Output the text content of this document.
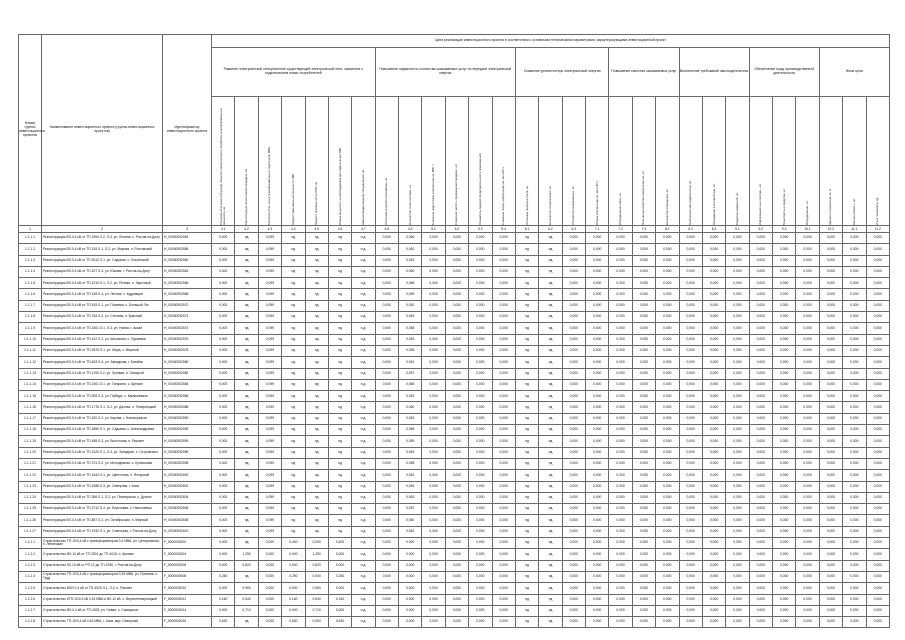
Номер группы инвестиционных проектов	Наименование инвестиционного проекта (группы инвестиционных проектов)	Идентификатор инвестиционного проекта	Цели реализации инвестиционного проекта в соответствии с основными техническими параметрами, характеризующими инвестиционный проект																												
			Развитие электрической сети/усиление существующей электрической сети, связанное с подключением новых потребителей							Повышение надежности и качества оказываемых услуг по передаче электрической энергии						Снижение уровня потерь электрической энергии				Повышение качества оказываемых услуг			Выполнение требований законодательства			Обеспечение нужд производственной деятельности			Иные цели		

			Строительство (реконструкция) объектов электросетевого хозяйства, трансформаторной мощности, км	Реконструкция линий электропередачи, км	Строительство новых трансформаторных подстанций, МВА	Прирост максимальной мощности, МВт	Прирост протяженности ЛЭП, км	Объем мощности, высвобождаемой для подключения, МВт	Замена (модернизация) оборудования, шт.	Установка устройств автоматики, шт.	Количество точек поставки, шт.	Снижение недоотпуска электроэнергии, МВт·ч	Снижение частоты прекращения передачи, шт.	Показатель средней продолжительности прекращений	Снижение потерь электроэнергии, млн кВт·ч	Установка приборов учета, шт.	Количество потребителей, шт.	Устройства телемеханики, шт.	Объем электроэнергии, млн кВт·ч	Оборудование связи, шт.	Повышение качества электроэнергии, шт.	Количество обращений, шт.	Требования законодательства, шт.	Приведение в соответствие, шт.	Средства измерений, шт.	Информационные системы, шт.	Транспортные средства, шт.	Оборудование, шт.	Здания и сооружения, кв. м	Прочие объекты, шт.	Иные показатели, ед.

1	2	3	4.1	4.2	4.3	4.4	4.5	4.6	4.7	4.8	4.9	5.1	5.2	5.3	5.4	6.1	6.2	6.3	7.1	7.2	7.3	8.1	8.2	8.3	9.1	9.2	9.3	10.1	10.2	11.1	11.2
1.1.1.1	Реконструкция ВЛ-0,4 кВ от ТП-2994 Л-2, Л-4, ул. Ленина, с. Ростов-на-Дону	H_00000052554	0,000	нд	0,099	нд	нд	нд	н.д.	0,000	0,066	0,000	0,000	0,000	0,000	нд	нд	0,000	0,000	0,000	0,000	0,000	0,000	0,000	0,000	0,000	0,000	0,000	0,000	0,000	0,000
1.1.1.2	Реконструкция ВЛ-0,4 кВ от ТП-315 Л-1, Л-2, ул. Мирная, п. Ростовский	H_00000052556	0,000	нд	0,099	нд	нд	нд	н.д.	0,000	0,062	0,000	0,000	0,000	0,000	нд	нд	0,000	0,000	0,000	0,000	0,000	0,000	0,000	0,000	0,000	0,000	0,000	0,000	0,000	0,000
1.1.1.3	Реконструкция ВЛ-0,4 кВ от ТП-3012 Л-1, ул. Садовая, х. Ольгинский	H_00000052560	0,000	нд	0,099	нд	нд	нд	н.д.	0,000	0,051	0,000	0,000	0,000	0,000	нд	нд	0,000	0,000	0,000	0,000	0,000	0,000	0,000	0,000	0,000	0,000	0,000	0,000	0,000	0,000
1.1.1.4	Реконструкция ВЛ-0,4 кВ от ТП-207 Л-3, ул. Южная, г. Ростов-на-Дону	H_00000052562	0,000	нд	0,099	нд	нд	нд	н.д.	0,000	0,060	0,000	0,000	0,000	0,000	нд	нд	0,000	0,000	0,000	0,000	0,000	0,000	0,000	0,000	0,000	0,000	0,000	0,000	0,000	0,000
1.1.1.5	Реконструкция ВЛ-0,4 кВ от ТП-2210 Л-1, Л-2, ул. Речная, п. Заречный	H_00000052566	0,000	нд	0,099	нд	нд	нд	н.д.	0,000	0,066	0,000	0,000	0,000	0,000	нд	нд	0,000	0,000	0,000	0,000	0,000	0,000	0,000	0,000	0,000	0,000	0,000	0,000	0,000	0,000
1.1.1.6	Реконструкция ВЛ-0,4 кВ от ТП-148 Л-4, ул. Лесная, х. Кудрявцев	H_00000052568	0,000	нд	0,099	нд	нд	нд	н.д.	0,000	0,059	0,000	0,000	0,000	0,000	нд	нд	0,000	0,000	0,000	0,000	0,000	0,000	0,000	0,000	0,000	0,000	0,000	0,000	0,000	0,000
1.1.1.7	Реконструкция ВЛ-0,4 кВ от ТП-519 Л-1, ул. Полевая, с. Большой Лог	H_00000052570	0,000	нд	0,099	нд	нд	нд	н.д.	0,000	0,052	0,000	0,000	0,000	0,000	нд	нд	0,000	0,000	0,000	0,000	0,000	0,000	0,000	0,000	0,000	0,000	0,000	0,000	0,000	0,000
1.1.1.8	Реконструкция ВЛ-0,4 кВ от ТП-764 Л-2, ул. Степная, п. Красный	H_00000052572	0,000	нд	0,099	нд	нд	нд	н.д.	0,000	0,064	0,000	0,000	0,000	0,000	нд	нд	0,000	0,000	0,000	0,000	0,000	0,000	0,000	0,000	0,000	0,000	0,000	0,000	0,000	0,000
1.1.1.9	Реконструкция ВЛ-0,4 кВ от ТП-3301 Л-1, Л-3, ул. Новая, г. Аксай	H_00000052574	0,000	нд	0,099	нд	нд	нд	н.д.	0,000	0,058	0,000	0,000	0,000	0,000	нд	нд	0,000	0,000	0,000	0,000	0,000	0,000	0,000	0,000	0,000	0,000	0,000	0,000	0,000	0,000
1.1.1.10	Реконструкция ВЛ-0,4 кВ от ТП-412 Л-2, ул. Школьная, с. Грушевка	H_00000052576	0,000	нд	0,099	нд	нд	нд	н.д.	0,000	0,063	0,000	0,000	0,000	0,000	нд	нд	0,000	0,000	0,000	0,000	0,000	0,000	0,000	0,000	0,000	0,000	0,000	0,000	0,000	0,000
1.1.1.11	Реконструкция ВЛ-0,4 кВ от ТП-2875 Л-1, ул. Мира, х. Верхний	H_00000052578	0,000	нд	0,099	нд	нд	нд	н.д.	0,000	0,055	0,000	0,000	0,000	0,000	нд	нд	0,000	0,000	0,000	0,000	0,000	0,000	0,000	0,000	0,000	0,000	0,000	0,000	0,000	0,000
1.1.1.12	Реконструкция ВЛ-0,4 кВ от ТП-633 Л-4, ул. Заводская, г. Батайск	H_00000052580	0,000	нд	0,099	нд	нд	нд	н.д.	0,000	0,061	0,000	0,000	0,000	0,000	нд	нд	0,000	0,000	0,000	0,000	0,000	0,000	0,000	0,000	0,000	0,000	0,000	0,000	0,000	0,000
1.1.1.13	Реконструкция ВЛ-0,4 кВ от ТП-1190 Л-2, ул. Луговая, п. Овощной	H_00000052582	0,000	нд	0,099	нд	нд	нд	н.д.	0,000	0,057	0,000	0,000	0,000	0,000	нд	нд	0,000	0,000	0,000	0,000	0,000	0,000	0,000	0,000	0,000	0,000	0,000	0,000	0,000	0,000
1.1.1.14	Реконструкция ВЛ-0,4 кВ от ТП-2401 Л-1, ул. Гагарина, с. Щепкин	H_00000052584	0,000	нд	0,099	нд	нд	нд	н.д.	0,000	0,065	0,000	0,000	0,000	0,000	нд	нд	0,000	0,000	0,000	0,000	0,000	0,000	0,000	0,000	0,000	0,000	0,000	0,000	0,000	0,000
1.1.1.15	Реконструкция ВЛ-0,4 кВ от ТП-905 Л-3, ул. Победы, х. Камышеваха	H_00000052586	0,000	нд	0,099	нд	нд	нд	н.д.	0,000	0,053	0,000	0,000	0,000	0,000	нд	нд	0,000	0,000	0,000	0,000	0,000	0,000	0,000	0,000	0,000	0,000	0,000	0,000	0,000	0,000
1.1.1.16	Реконструкция ВЛ-0,4 кВ от ТП-1776 Л-1, Л-2, ул. Дачная, п. Темерницкий	H_00000052588	0,000	нд	0,099	нд	нд	нд	н.д.	0,000	0,060	0,000	0,000	0,000	0,000	нд	нд	0,000	0,000	0,000	0,000	0,000	0,000	0,000	0,000	0,000	0,000	0,000	0,000	0,000	0,000
1.1.1.17	Реконструкция ВЛ-0,4 кВ от ТП-320 Л-2, ул. Кирова, г. Новочеркасск	H_00000052590	0,000	нд	0,099	нд	нд	нд	н.д.	0,000	0,062	0,000	0,000	0,000	0,000	нд	нд	0,000	0,000	0,000	0,000	0,000	0,000	0,000	0,000	0,000	0,000	0,000	0,000	0,000	0,000
1.1.1.18	Реконструкция ВЛ-0,4 кВ от ТП-2650 Л-1, ул. Садовая, с. Александровка	H_00000052592	0,000	нд	0,099	нд	нд	нд	н.д.	0,000	0,056	0,000	0,000	0,000	0,000	нд	нд	0,000	0,000	0,000	0,000	0,000	0,000	0,000	0,000	0,000	0,000	0,000	0,000	0,000	0,000
1.1.1.19	Реконструкция ВЛ-0,4 кВ от ТП-488 Л-3, ул. Восточная, п. Рассвет	H_00000052594	0,000	нд	0,099	нд	нд	нд	н.д.	0,000	0,059	0,000	0,000	0,000	0,000	нд	нд	0,000	0,000	0,000	0,000	0,000	0,000	0,000	0,000	0,000	0,000	0,000	0,000	0,000	0,000
1.1.1.20	Реконструкция ВЛ-0,4 кВ от ТП-3120 Л-1, Л-4, ул. Западная, х. Островского	H_00000052596	0,000	нд	0,099	нд	нд	нд	н.д.	0,000	0,064	0,000	0,000	0,000	0,000	нд	нд	0,000	0,000	0,000	0,000	0,000	0,000	0,000	0,000	0,000	0,000	0,000	0,000	0,000	0,000
1.1.1.21	Реконструкция ВЛ-0,4 кВ от ТП-701 Л-2, ул. Молодежная, с. Кулешовка	H_00000052598	0,000	нд	0,099	нд	нд	нд	н.д.	0,000	0,058	0,000	0,000	0,000	0,000	нд	нд	0,000	0,000	0,000	0,000	0,000	0,000	0,000	0,000	0,000	0,000	0,000	0,000	0,000	0,000
1.1.1.22	Реконструкция ВЛ-0,4 кВ от ТП-1544 Л-1, ул. Цветочная, п. Янтарный	H_00000052600	0,000	нд	0,099	нд	нд	нд	н.д.	0,000	0,061	0,000	0,000	0,000	0,000	нд	нд	0,000	0,000	0,000	0,000	0,000	0,000	0,000	0,000	0,000	0,000	0,000	0,000	0,000	0,000
1.1.1.23	Реконструкция ВЛ-0,4 кВ от ТП-2088 Л-3, ул. Северная, г. Азов	H_00000052602	0,000	нд	0,099	нд	нд	нд	н.д.	0,000	0,054	0,000	0,000	0,000	0,000	нд	нд	0,000	0,000	0,000	0,000	0,000	0,000	0,000	0,000	0,000	0,000	0,000	0,000	0,000	0,000
1.1.1.24	Реконструкция ВЛ-0,4 кВ от ТП-366 Л-1, Л-2, ул. Пионерская, х. Дугино	H_00000052604	0,000	нд	0,099	нд	нд	нд	н.д.	0,000	0,063	0,000	0,000	0,000	0,000	нд	нд	0,000	0,000	0,000	0,000	0,000	0,000	0,000	0,000	0,000	0,000	0,000	0,000	0,000	0,000
1.1.1.25	Реконструкция ВЛ-0,4 кВ от ТП-2712 Л-4, ул. Береговая, с. Николаевка	H_00000052606	0,000	нд	0,099	нд	нд	нд	н.д.	0,000	0,057	0,000	0,000	0,000	0,000	нд	нд	0,000	0,000	0,000	0,000	0,000	0,000	0,000	0,000	0,000	0,000	0,000	0,000	0,000	0,000
1.1.1.26	Реконструкция ВЛ-0,4 кВ от ТП-857 Л-2, ул. Октябрьская, п. Мирный	H_00000052608	0,000	нд	0,099	нд	нд	нд	н.д.	0,000	0,060	0,000	0,000	0,000	0,000	нд	нд	0,000	0,000	0,000	0,000	0,000	0,000	0,000	0,000	0,000	0,000	0,000	0,000	0,000	0,000
1.1.1.27	Реконструкция ВЛ-0,4 кВ от ТП-1932 Л-1, ул. Советская, г. Ростов-на-Дону	H_00000052610	0,000	нд	0,099	нд	нд	нд	н.д.	0,000	0,062	0,000	0,000	0,000	0,000	нд	нд	0,000	0,000	0,000	0,000	0,000	0,000	0,000	0,000	0,000	0,000	0,000	0,000	0,000	0,000
1.1.2.1	Строительство ТП-10/0,4 кВ с трансформатором 0,4 МВА, ул. Центральная, х. Ленинакан	F_0000000002	0,400	нд	0,000	0,400	0,000	0,400	н.д.	0,000	0,000	0,000	0,000	0,000	0,000	нд	нд	0,000	0,000	0,000	0,000	0,000	0,000	0,000	0,000	0,000	0,000	0,000	0,000	0,000	0,000
1.1.2.2	Строительство ВЛ-10 кВ от ТП-3301 до ТП-4018, п. Щепкин	F_0000000004	0,000	1,250	0,000	0,000	1,250	0,000	н.д.	0,000	0,000	0,000	0,000	0,000	0,000	нд	нд	0,000	0,000	0,000	0,000	0,000	0,000	0,000	0,000	0,000	0,000	0,000	0,000	0,000	0,000
1.1.2.3	Строительство КЛ-10 кВ от РП-12 до ТП-2250, г. Ростов-на-Дону	F_0000000006	0,000	0,820	0,000	0,000	0,820	0,000	н.д.	0,000	0,000	0,000	0,000	0,000	0,000	нд	нд	0,000	0,000	0,000	0,000	0,000	0,000	0,000	0,000	0,000	0,000	0,000	0,000	0,000	0,000
1.1.2.4	Строительство ТП-10/0,4 кВ с трансформатором 0,25 МВА, ул. Полевая, с. Труд	F_0000000008	0,250	нд	0,000	0,250	0,000	0,250	н.д.	0,000	0,000	0,000	0,000	0,000	0,000	нд	нд	0,000	0,000	0,000	0,000	0,000	0,000	0,000	0,000	0,000	0,000	0,000	0,000	0,000	0,000
1.1.2.5	Строительство ВЛИ-0,4 кВ от ТП-4020 Л-1, Л-2, п. Рассвет	F_0000000010	0,000	0,960	0,000	0,000	0,960	0,000	н.д.	0,000	0,000	0,000	0,000	0,000	0,000	нд	нд	0,000	0,000	0,000	0,000	0,000	0,000	0,000	0,000	0,000	0,000	0,000	0,000	0,000	0,000
1.1.2.6	Строительство КТП-10/0,4 кВ 0,16 МВА и ВЛ-10 кВ, х. Верхнетемерницкий	F_0000000012	0,160	0,540	0,000	0,160	0,540	0,160	н.д.	0,000	0,000	0,000	0,000	0,000	0,000	нд	нд	0,000	0,000	0,000	0,000	0,000	0,000	0,000	0,000	0,000	0,000	0,000	0,000	0,000	0,000
1.1.2.7	Строительство ВЛ-0,4 кВ от ТП-4025, ул. Новая, с. Самарское	F_0000000014	0,000	0,710	0,000	0,000	0,710	0,000	н.д.	0,000	0,000	0,000	0,000	0,000	0,000	нд	нд	0,000	0,000	0,000	0,000	0,000	0,000	0,000	0,000	0,000	0,000	0,000	0,000	0,000	0,000
1.1.2.8	Строительство ТП-10/0,4 кВ 0,63 МВА, г. Азов, мкр. Северный	F_0000000016	0,630	нд	0,000	0,630	0,000	0,630	н.д.	0,000	0,000	0,000	0,000	0,000	0,000	нд	нд	0,000	0,000	0,000	0,000	0,000	0,000	0,000	0,000	0,000	0,000	0,000	0,000	0,000	0,000
